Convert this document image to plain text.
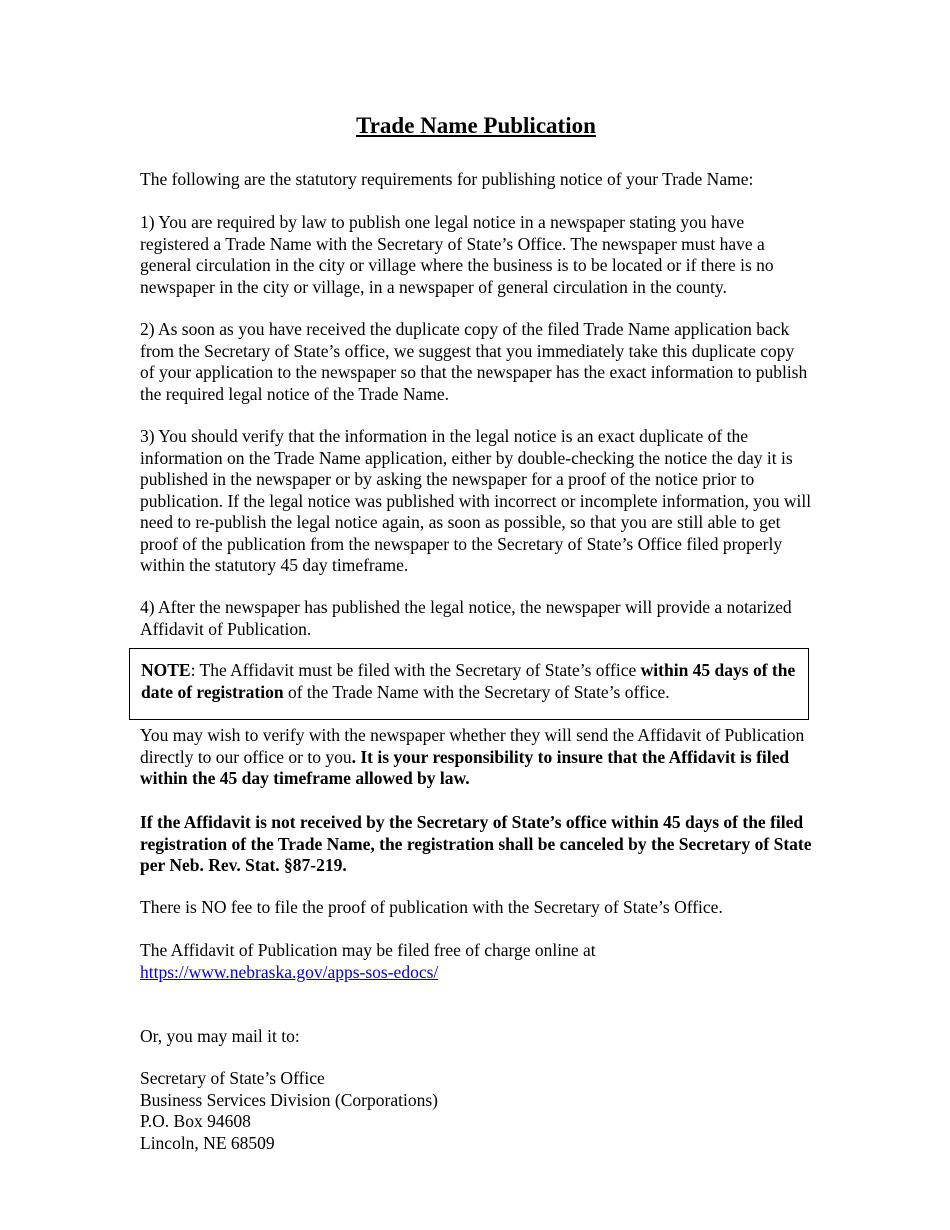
Trade Name Publication

The following are the statutory requirements for publishing notice of your Trade Name:

1) You are required by law to publish one legal notice in a newspaper stating you have registered a Trade Name with the Secretary of State’s Office. The newspaper must have a general circulation in the city or village where the business is to be located or if there is no newspaper in the city or village, in a newspaper of general circulation in the county.

2) As soon as you have received the duplicate copy of the filed Trade Name application back from the Secretary of State’s office, we suggest that you immediately take this duplicate copy of your application to the newspaper so that the newspaper has the exact information to publish the required legal notice of the Trade Name.

3) You should verify that the information in the legal notice is an exact duplicate of the information on the Trade Name application, either by double-checking the notice the day it is published in the newspaper or by asking the newspaper for a proof of the notice prior to publication. If the legal notice was published with incorrect or incomplete information, you will need to re-publish the legal notice again, as soon as possible, so that you are still able to get proof of the publication from the newspaper to the Secretary of State’s Office filed properly within the statutory 45 day timeframe.

4) After the newspaper has published the legal notice, the newspaper will provide a notarized Affidavit of Publication.

NOTE: The Affidavit must be filed with the Secretary of State’s office within 45 days of the date of registration of the Trade Name with the Secretary of State’s office.

You may wish to verify with the newspaper whether they will send the Affidavit of Publication directly to our office or to you. It is your responsibility to insure that the Affidavit is filed within the 45 day timeframe allowed by law.

If the Affidavit is not received by the Secretary of State’s office within 45 days of the filed registration of the Trade Name, the registration shall be canceled by the Secretary of State per Neb. Rev. Stat. §87-219.

There is NO fee to file the proof of publication with the Secretary of State’s Office.

The Affidavit of Publication may be filed free of charge online at
https://www.nebraska.gov/apps-sos-edocs/

Or, you may mail it to:

Secretary of State’s Office
Business Services Division (Corporations)
P.O. Box 94608
Lincoln, NE 68509
